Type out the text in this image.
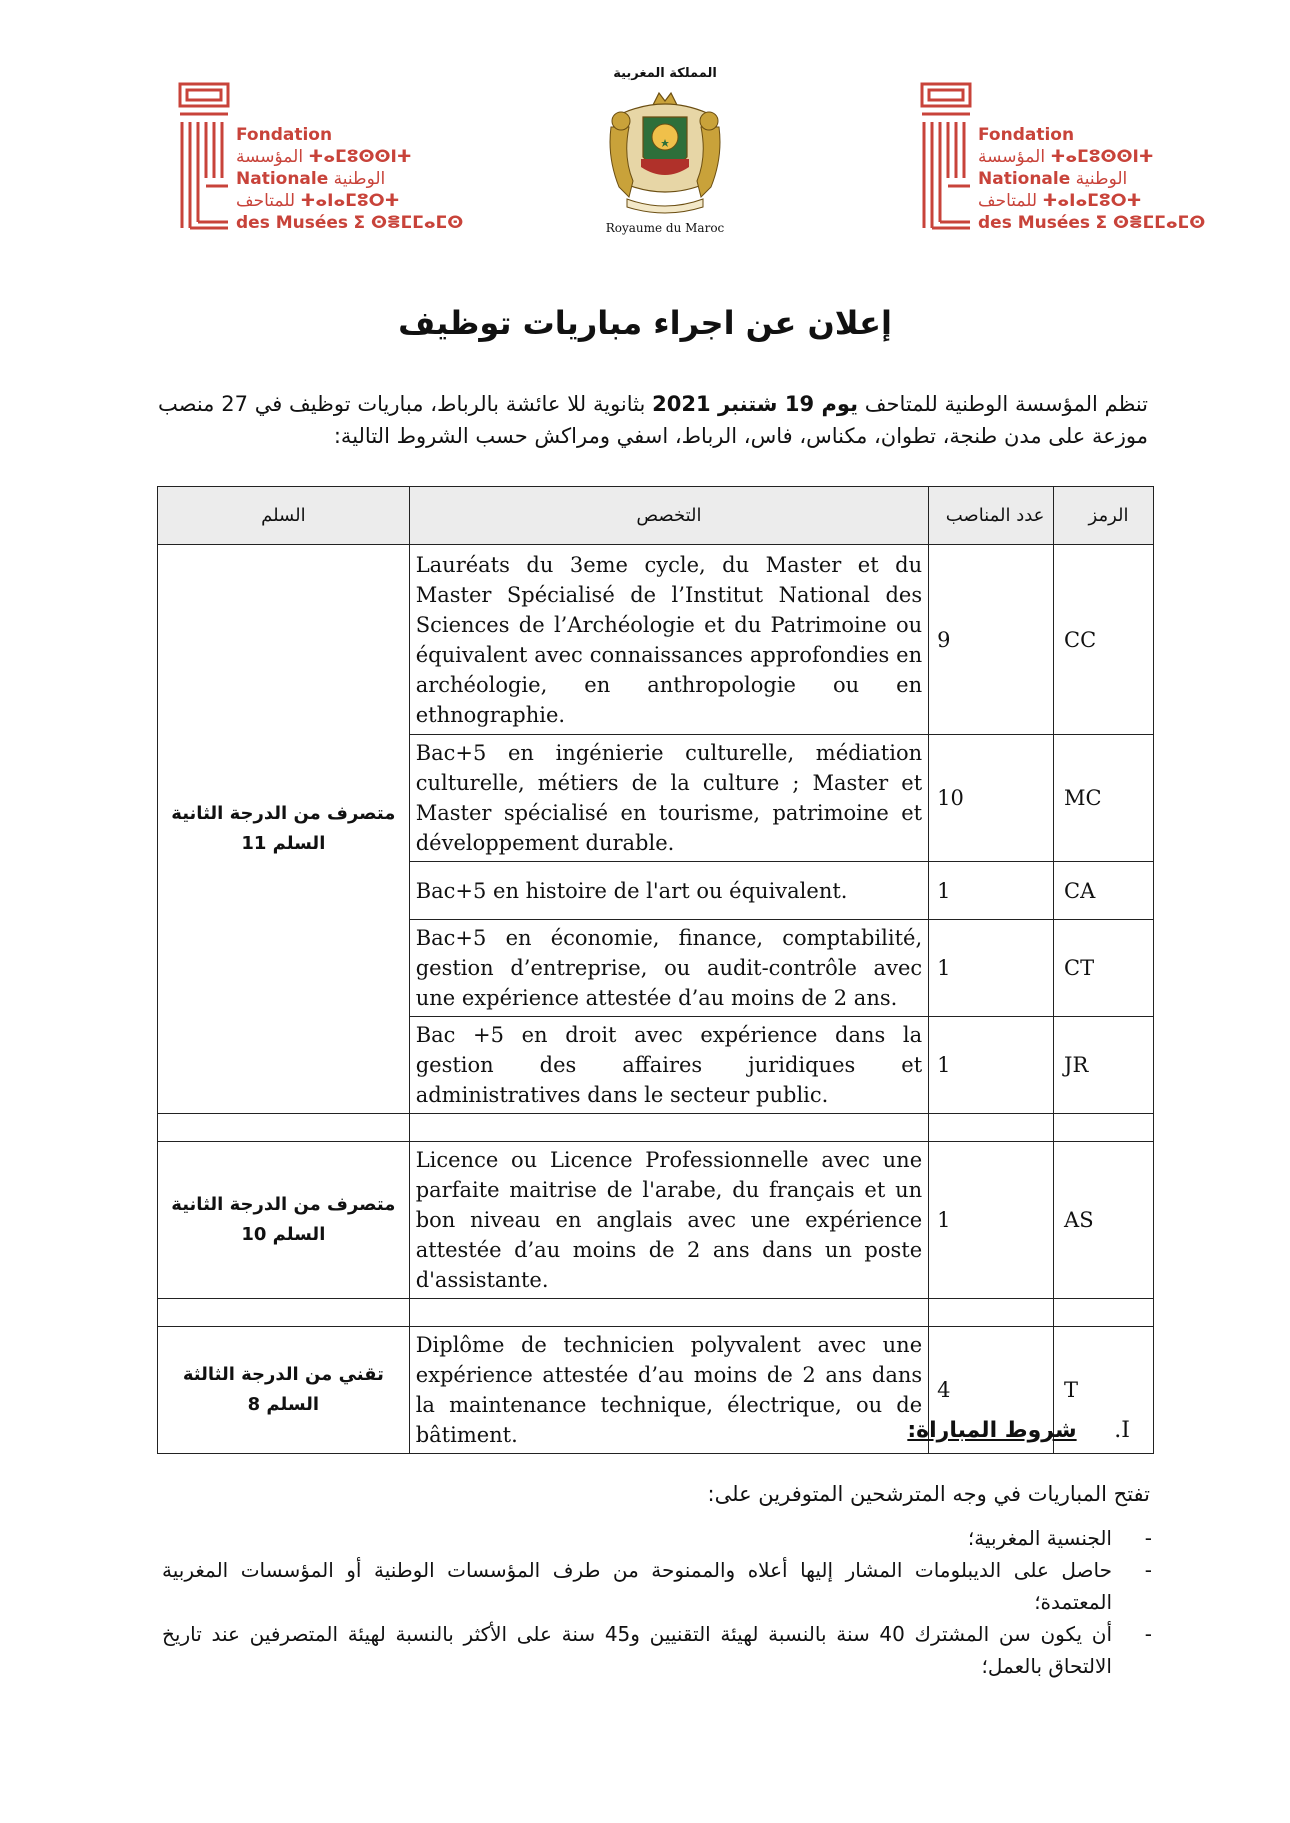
Fondation
المؤسسة ⵜⴰⵎⵓⵙⵙⵏⵜ
Nationale الوطنية
للمتاحف ⵜⴰⵏⴰⵎⵓⵔⵜ
des Musées ⵉ ⵙⴻⵎⵎⴰⵎⵙ
المملكة المغربية
Royaume du Maroc
Fondation
المؤسسة ⵜⴰⵎⵓⵙⵙⵏⵜ
Nationale الوطنية
للمتاحف ⵜⴰⵏⴰⵎⵓⵔⵜ
des Musées ⵉ ⵙⴻⵎⵎⴰⵎⵙ
إعلان عن اجراء مباريات توظيف

تنظم المؤسسة الوطنية للمتاحف يوم 19 شتنبر 2021 بثانوية للا عائشة بالرباط، مباريات توظيف في 27 منصب موزعة على مدن طنجة، تطوان، مكناس، فاس، الرباط، اسفي ومراكش حسب الشروط التالية:

السلم	التخصص	عدد المناصب	الرمز

متصرف من الدرجة الثانية
السلم 11	Lauréats du 3eme cycle, du Master et du Master Spécialisé de l’Institut National des Sciences de l’Archéologie et du Patrimoine ou équivalent avec connaissances approfondies en archéologie, en anthropologie ou en ethnographie.	9	CC
	Bac+5 en ingénierie culturelle, médiation culturelle, métiers de la culture ; Master et Master spécialisé en tourisme, patrimoine et développement durable.	10	MC
	Bac+5 en histoire de l'art ou équivalent.	1	CA
	Bac+5 en économie, finance, comptabilité, gestion d’entreprise, ou audit-contrôle avec une expérience attestée d’au moins de 2 ans.	1	CT
	Bac +5 en droit avec expérience dans la gestion des affaires juridiques et administratives dans le secteur public.	1	JR

متصرف من الدرجة الثانية
السلم 10	Licence ou Licence Professionnelle avec une parfaite maitrise de l'arabe, du français et un bon niveau en anglais avec une expérience attestée d’au moins de 2 ans dans un poste d'assistante.	1	AS

تقني من الدرجة الثالثة
السلم 8	Diplôme de technicien polyvalent avec une expérience attestée d’au moins de 2 ans dans la maintenance technique, électrique, ou de bâtiment.	4	T
I. شروط المباراة:
تفتح المباريات في وجه المترشحين المتوفرين على:
-
الجنسية المغربية؛
-
حاصل على الديبلومات المشار إليها أعلاه والممنوحة من طرف المؤسسات الوطنية أو المؤسسات المغربية المعتمدة؛
-
أن يكون سن المشترك 40 سنة بالنسبة لهيئة التقنيين و45 سنة على الأكثر بالنسبة لهيئة المتصرفين عند تاريخ الالتحاق بالعمل؛
